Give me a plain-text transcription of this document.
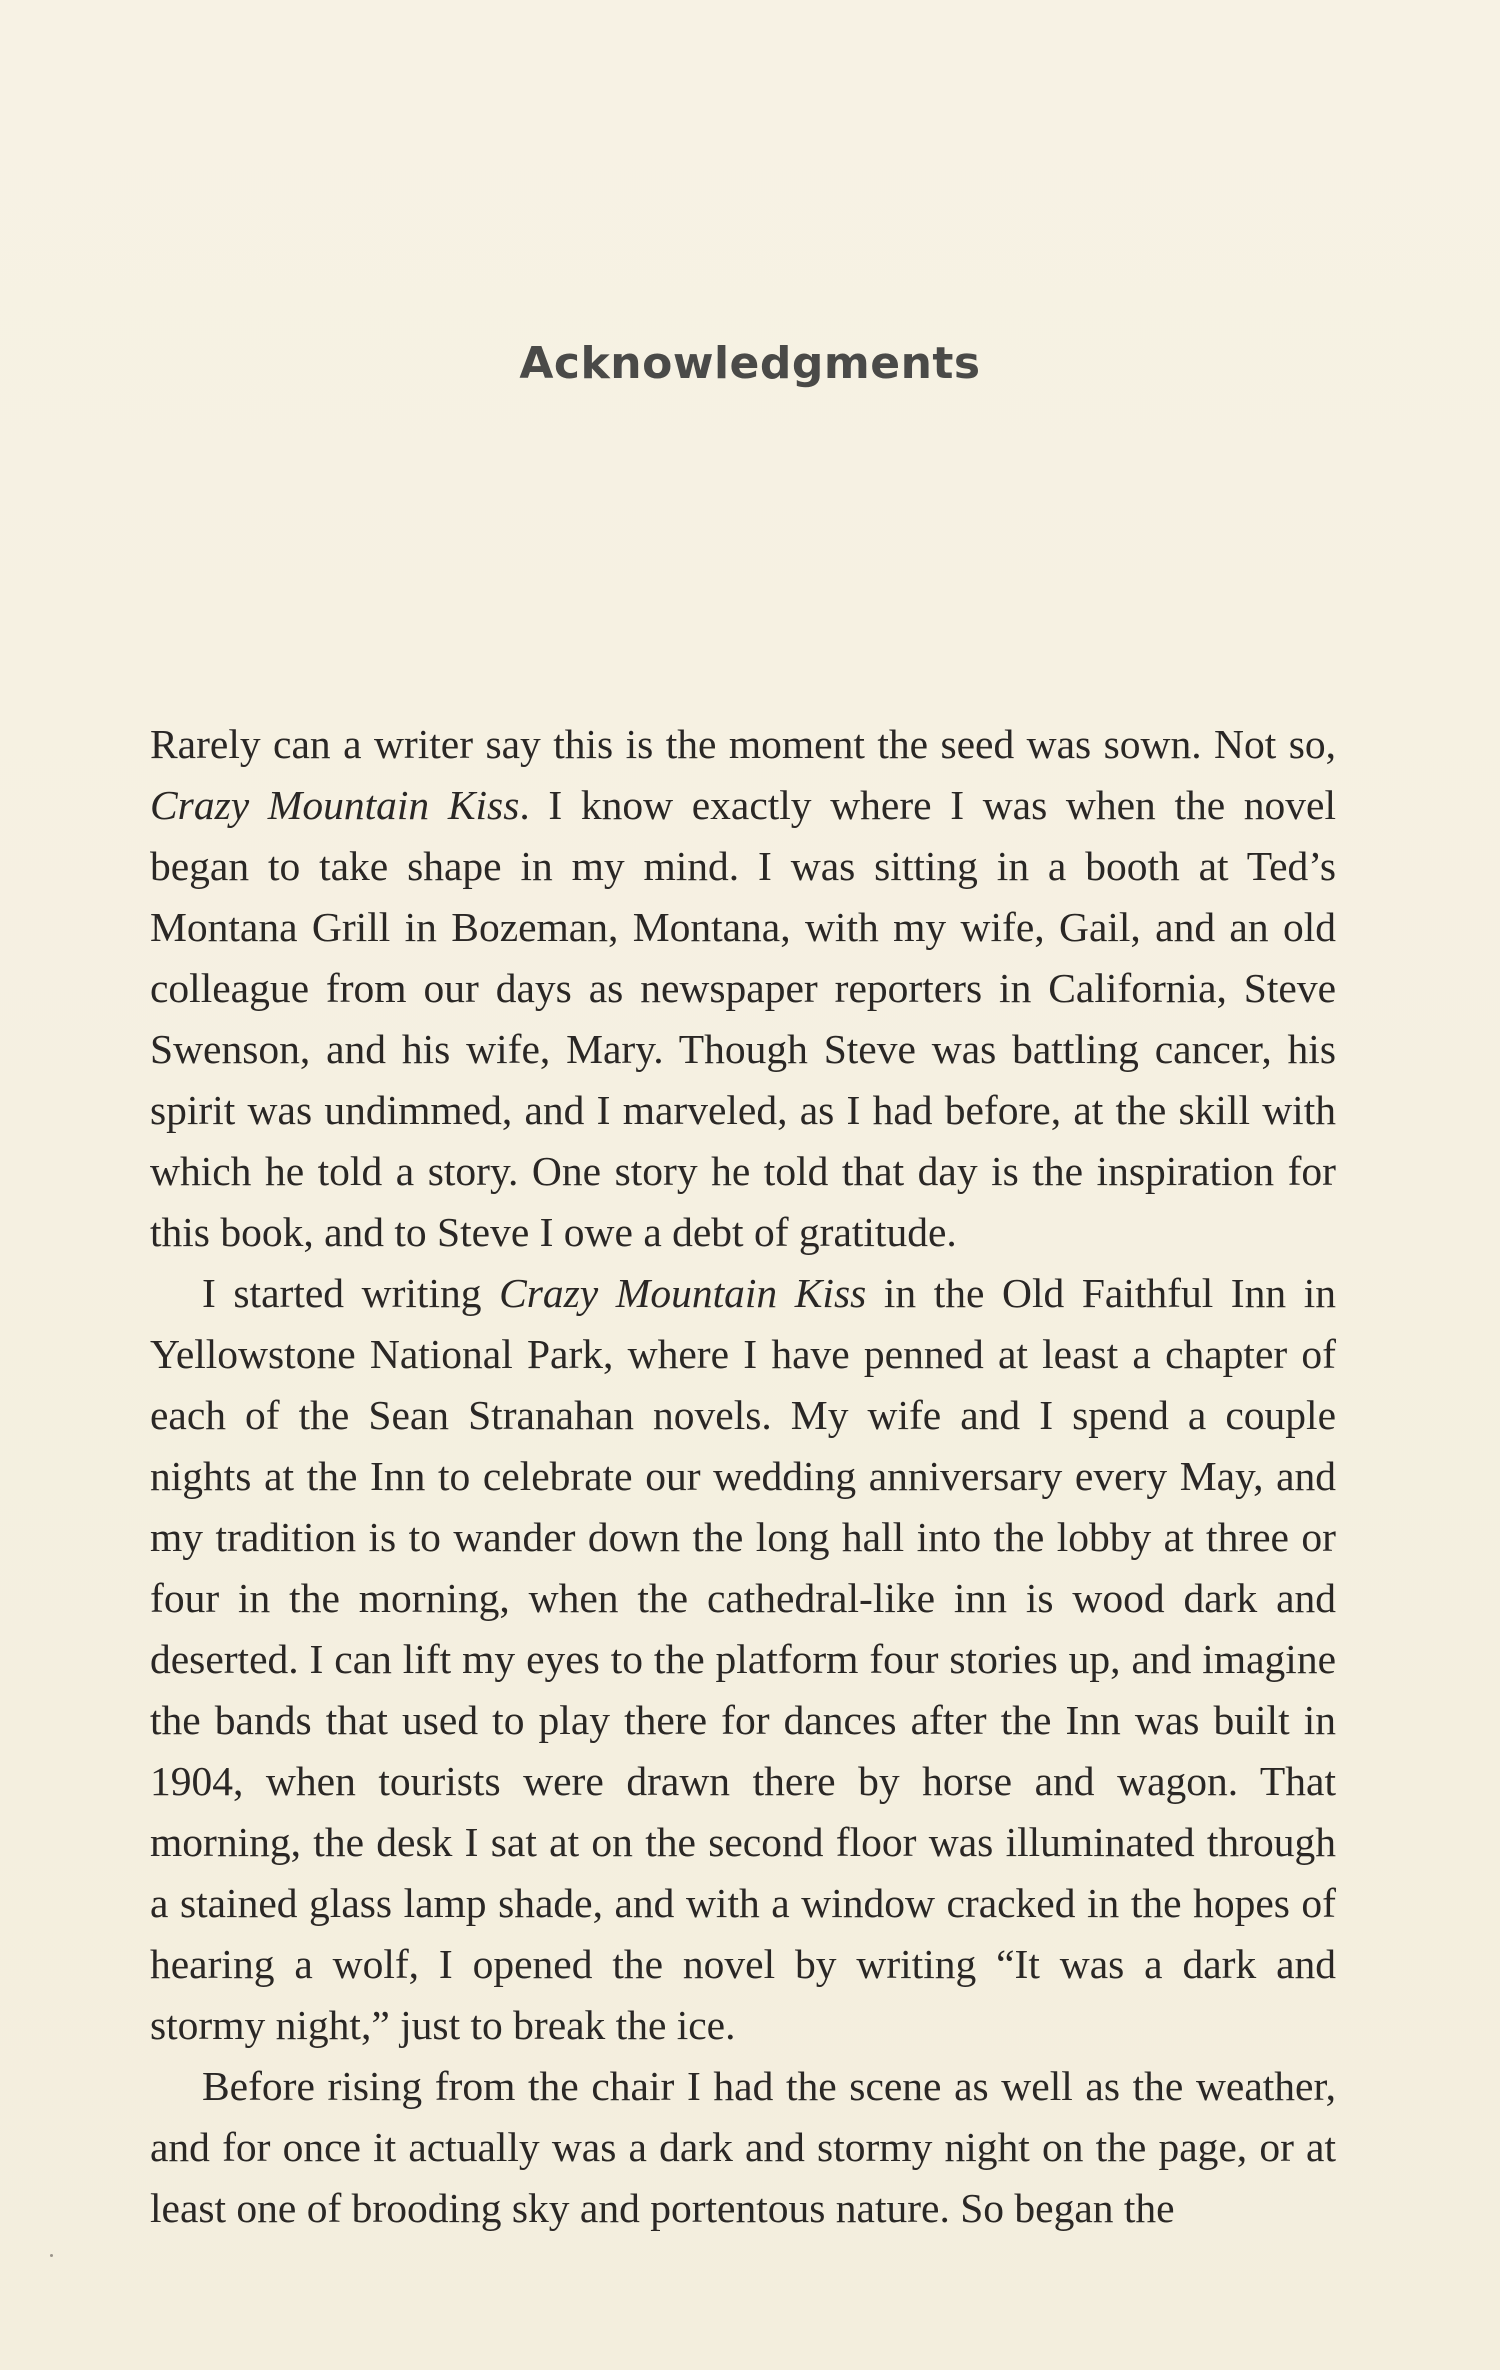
Acknowledgments

Rarely can a writer say this is the moment the seed was sown. Not so, Crazy Mountain Kiss. I know exactly where I was when the novel began to take shape in my mind. I was sitting in a booth at Ted’s Montana Grill in Bozeman, Montana, with my wife, Gail, and an old colleague from our days as newspaper reporters in California, Steve Swenson, and his wife, Mary. Though Steve was battling cancer, his spirit was undimmed, and I marveled, as I had before, at the skill with which he told a story. One story he told that day is the inspiration for this book, and to Steve I owe a debt of gratitude.

I started writing Crazy Mountain Kiss in the Old Faithful Inn in Yellowstone National Park, where I have penned at least a chapter of each of the Sean Stranahan novels. My wife and I spend a couple nights at the Inn to celebrate our wedding anniversary every May, and my tradition is to wander down the long hall into the lobby at three or four in the morning, when the cathedral-like inn is wood dark and deserted. I can lift my eyes to the platform four stories up, and imagine the bands that used to play there for dances after the Inn was built in 1904, when tourists were drawn there by horse and wagon. That morning, the desk I sat at on the second floor was illuminated through a stained glass lamp shade, and with a window cracked in the hopes of hearing a wolf, I opened the novel by writing “It was a dark and stormy night,” just to break the ice.

Before rising from the chair I had the scene as well as the weather, and for once it actually was a dark and stormy night on the page, or at least one of brooding sky and portentous nature. So began the
